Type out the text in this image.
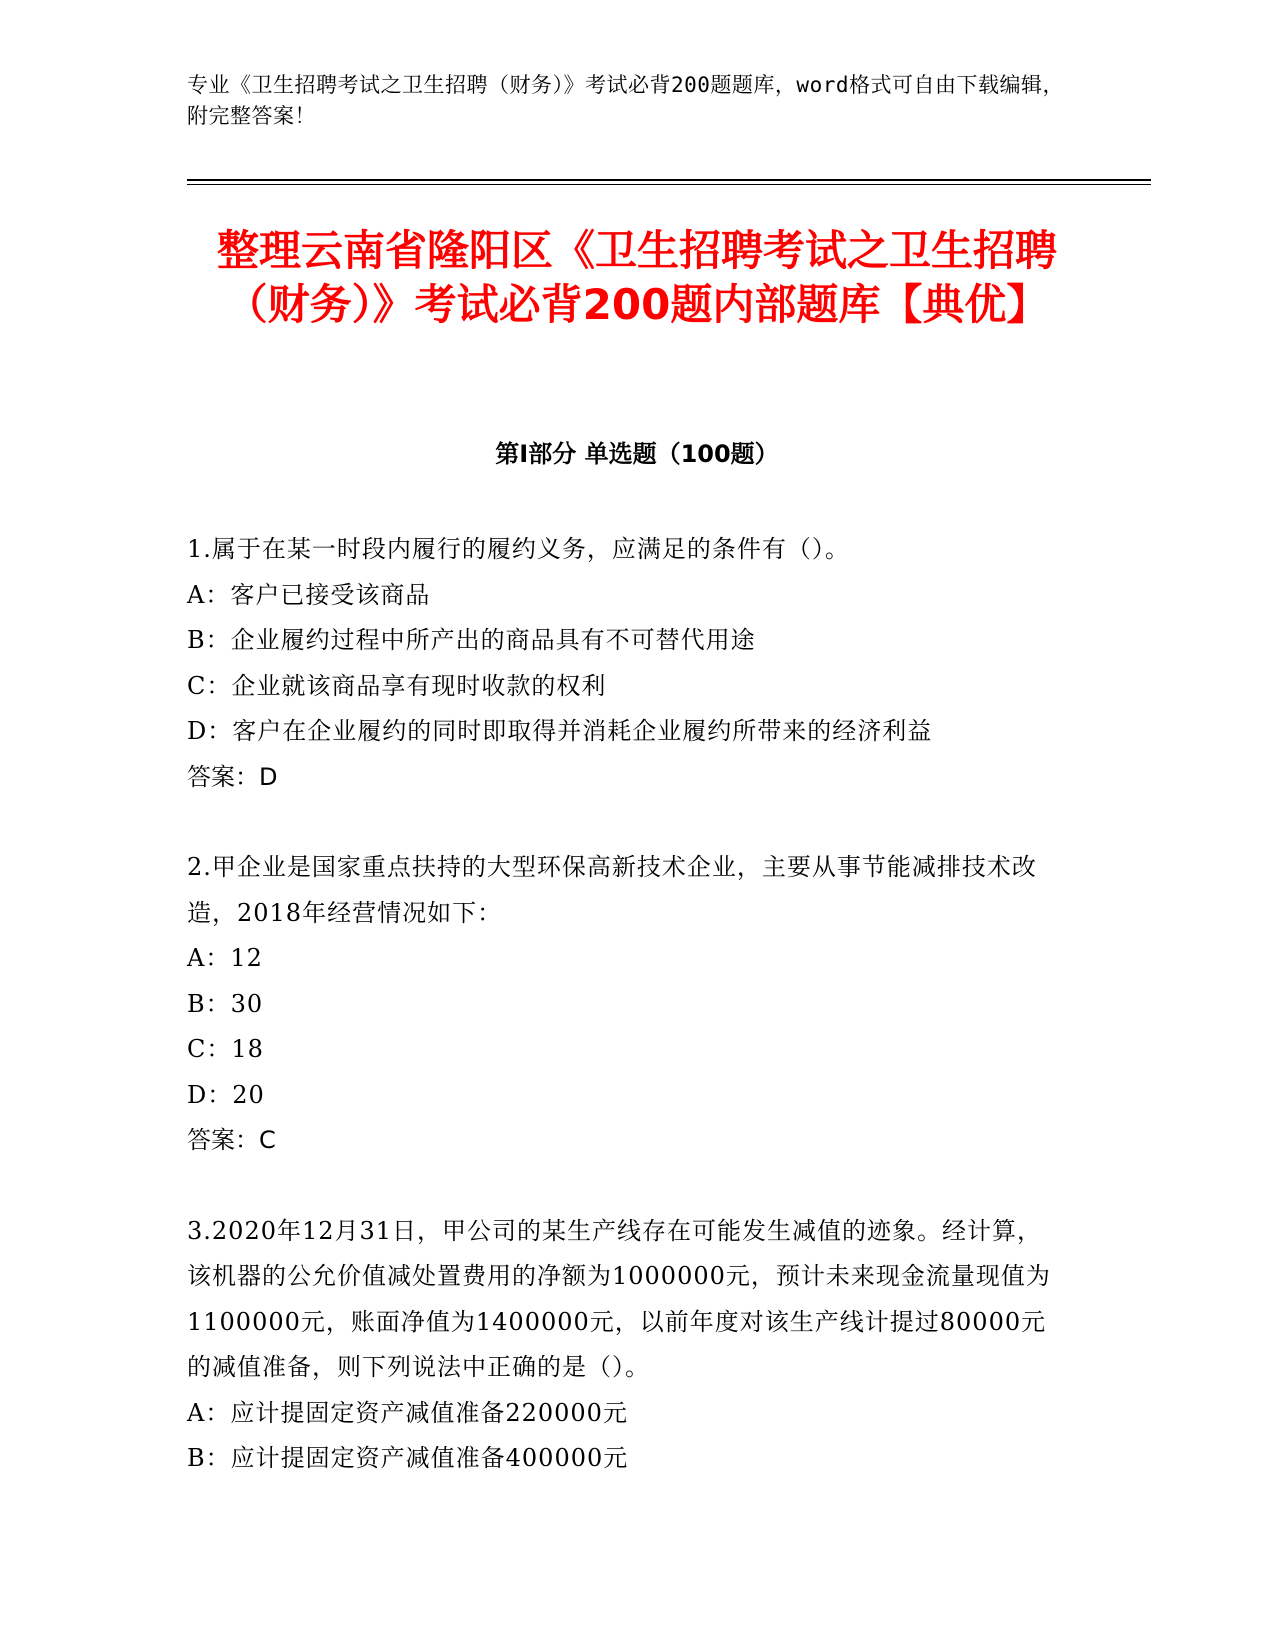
专业《卫生招聘考试之卫生招聘（财务）》考试必背200题题库，word格式可自由下载编辑，附完整答案！
整理云南省隆阳区《卫生招聘考试之卫生招聘（财务）》考试必背200题内部题库【典优】
第I部分 单选题（100题）

1.属于在某一时段内履行的履约义务，应满足的条件有（）。

A：客户已接受该商品

B：企业履约过程中所产出的商品具有不可替代用途

C：企业就该商品享有现时收款的权利

D：客户在企业履约的同时即取得并消耗企业履约所带来的经济利益

答案：D

2.甲企业是国家重点扶持的大型环保高新技术企业，主要从事节能减排技术改造，2018年经营情况如下：

A：12

B：30

C：18

D：20

答案：C

3.2020年12月31日，甲公司的某生产线存在可能发生减值的迹象。经计算，该机器的公允价值减处置费用的净额为1000000元，预计未来现金流量现值为1100000元，账面净值为1400000元，以前年度对该生产线计提过80000元的减值准备，则下列说法中正确的是（）。

A：应计提固定资产减值准备220000元

B：应计提固定资产减值准备400000元
